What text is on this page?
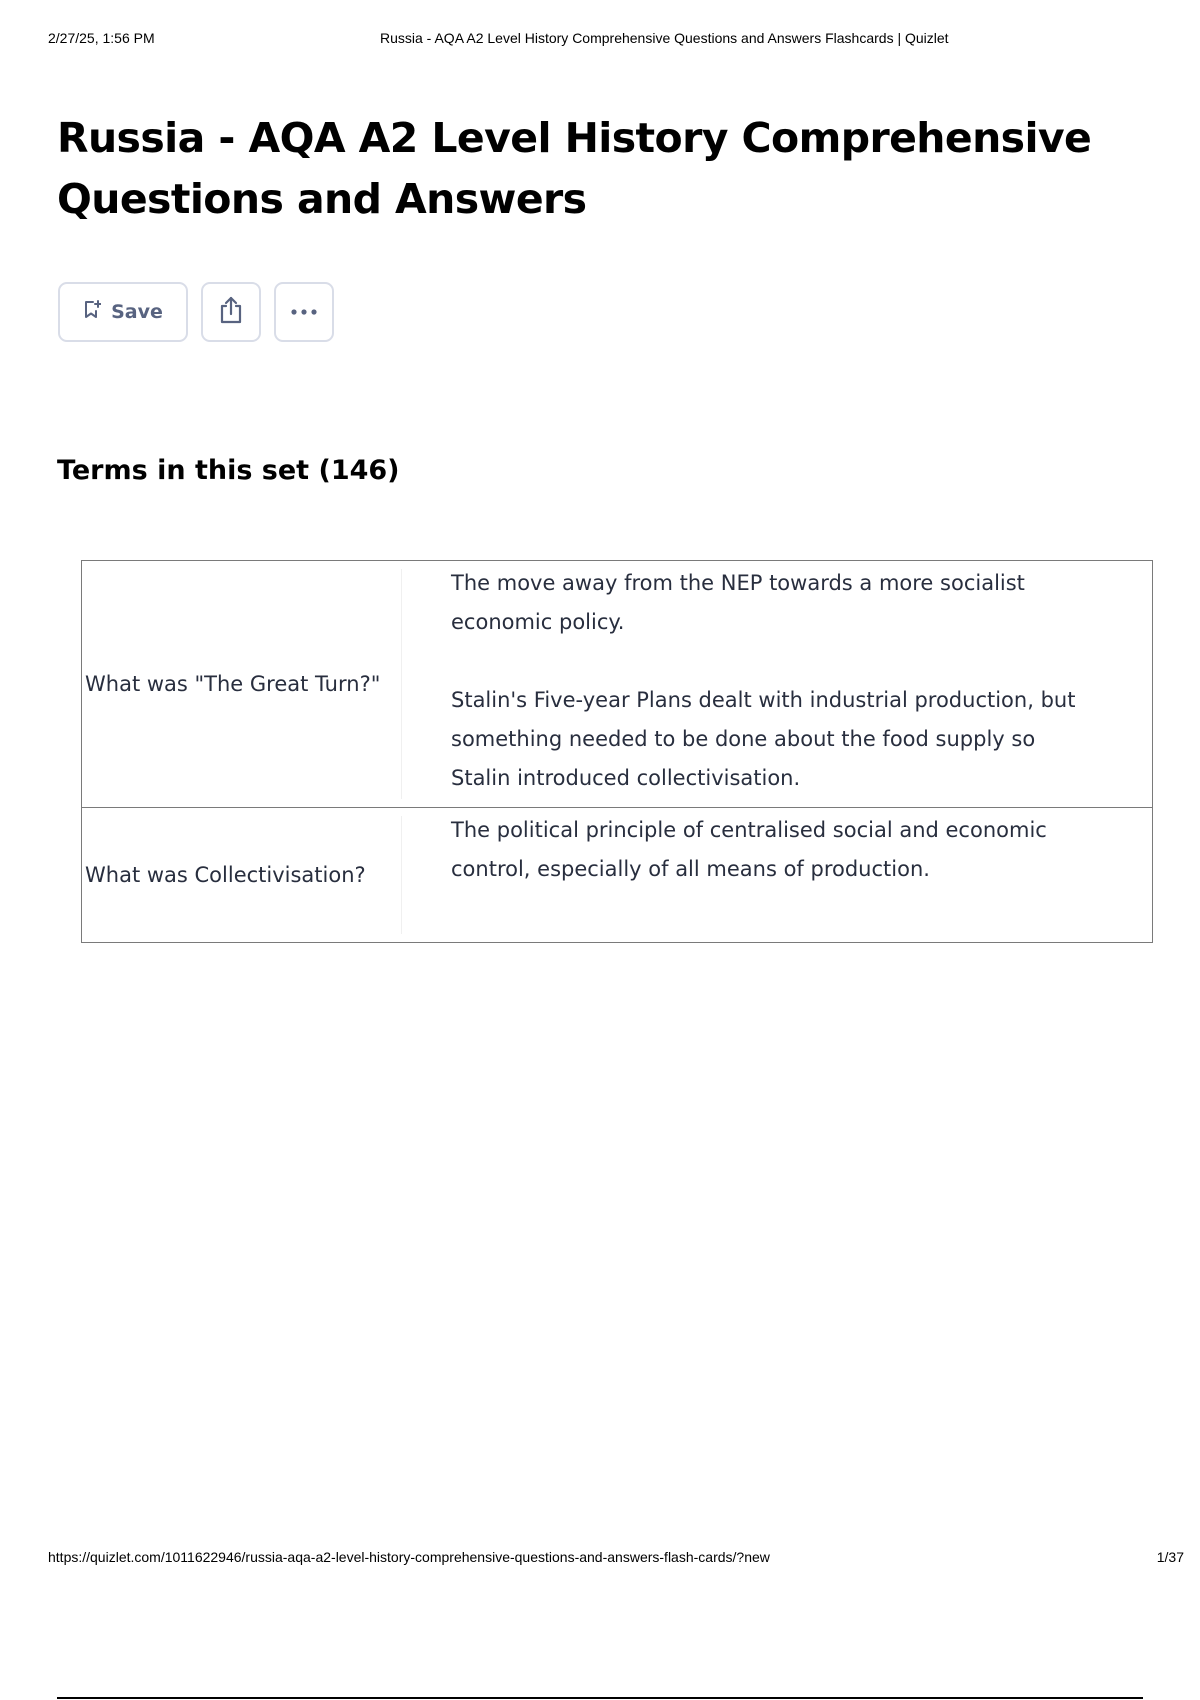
2/27/25, 1:56 PM	Russia - AQA A2 Level History Comprehensive Questions and Answers Flashcards | Quizlet
Russia - AQA A2 Level History Comprehensive Questions and Answers
Save
Terms in this set (146)
What was "The Great Turn?"
The move away from the NEP towards a more socialist economic policy.

Stalin's Five-year Plans dealt with industrial production, but something needed to be done about the food supply so Stalin introduced collectivisation.
What was Collectivisation?
The political principle of centralised social and economic control, especially of all means of production.
https://quizlet.com/1011622946/russia-aqa-a2-level-history-comprehensive-questions-and-answers-flash-cards/?new	1/37
